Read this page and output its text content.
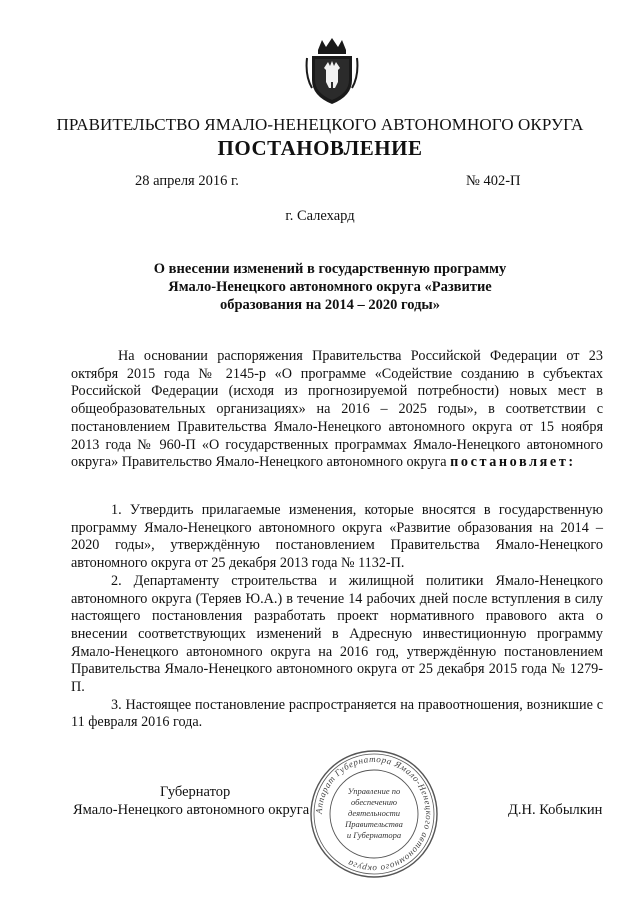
ПРАВИТЕЛЬСТВО ЯМАЛО-НЕНЕЦКОГО АВТОНОМНОГО ОКРУГА
ПОСТАНОВЛЕНИЕ
28 апреля 2016 г.	№ 402-П
г. Салехард
О внесении изменений в государственную программу
Ямало-Ненецкого автономного округа «Развитие
образования на 2014 – 2020 годы»

На основании распоряжения Правительства Российской Федерации от 23 октября 2015 года № 2145-р «О программе «Содействие созданию в субъектах Российской Федерации (исходя из прогнозируемой потребности) новых мест в общеобразовательных организациях» на 2016 – 2025 годы», в соответствии с постановлением Правительства Ямало-Ненецкого автономного округа от 15 ноября 2013 года № 960-П «О государственных программах Ямало-Ненецкого автономного округа» Правительство Ямало-Ненецкого автономного округа постановляет:

1. Утвердить прилагаемые изменения, которые вносятся в государственную программу Ямало-Ненецкого автономного округа «Развитие образования на 2014 – 2020 годы», утверждённую постановлением Правительства Ямало-Ненецкого автономного округа от 25 декабря 2013 года № 1132-П.

2. Департаменту строительства и жилищной политики Ямало-Ненецкого автономного округа (Теряев Ю.А.) в течение 14 рабочих дней после вступления в силу настоящего постановления разработать проект нормативного правового акта о внесении соответствующих изменений в Адресную инвестиционную программу Ямало-Ненецкого автономного округа на 2016 год, утверждённую постановлением Правительства Ямало-Ненецкого автономного округа от 25 декабря 2015 года № 1279-П.

3. Настоящее постановление распространяется на правоотношения, возникшие с 11 февраля 2016 года.

Губернатор
Ямало-Ненецкого автономного округа	Д.Н. Кобылкин
Аппарат Губернатора Ямало-Ненецкого автономного округа
Управление по
обеспечению
деятельности
Правительства
и Губернатора
